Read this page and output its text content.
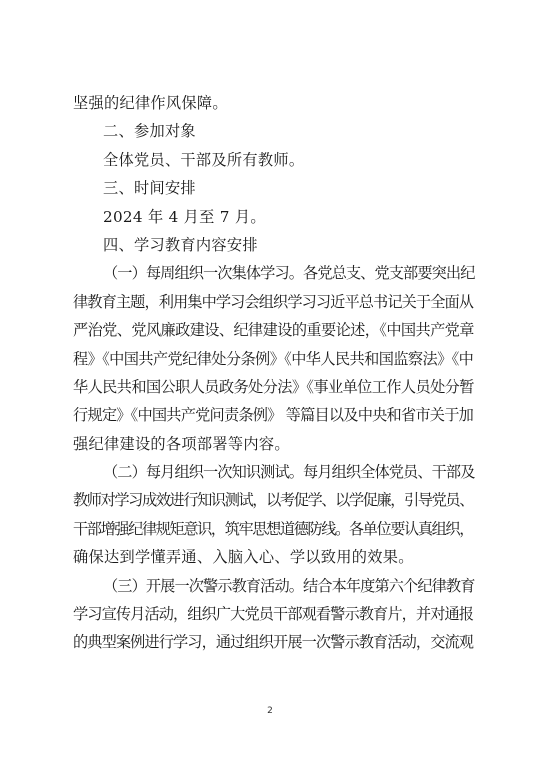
坚强的纪律作风保障。
二、参加对象
全体党员、干部及所有教师。
三、时间安排
2024 年 4 月至 7 月。
四、学习教育内容安排
（一）每周组织一次集体学习。各党总支、党支部要突出纪
律教育主题，利用集中学习会组织学习习近平总书记关于全面从
严治党、党风廉政建设、纪律建设的重要论述，《中国共产党章
程》《中国共产党纪律处分条例》《中华人民共和国监察法》《中
华人民共和国公职人员政务处分法》《事业单位工作人员处分暂
行规定》《中国共产党问责条例》 等篇目以及中央和省市关于加
强纪律建设的各项部署等内容。
（二）每月组织一次知识测试。每月组织全体党员、干部及
教师对学习成效进行知识测试，以考促学、以学促廉，引导党员、
干部增强纪律规矩意识，筑牢思想道德防线。各单位要认真组织，
确保达到学懂弄通、入脑入心、学以致用的效果。
（三）开展一次警示教育活动。结合本年度第六个纪律教育
学习宣传月活动，组织广大党员干部观看警示教育片，并对通报
的典型案例进行学习，通过组织开展一次警示教育活动，交流观
2
